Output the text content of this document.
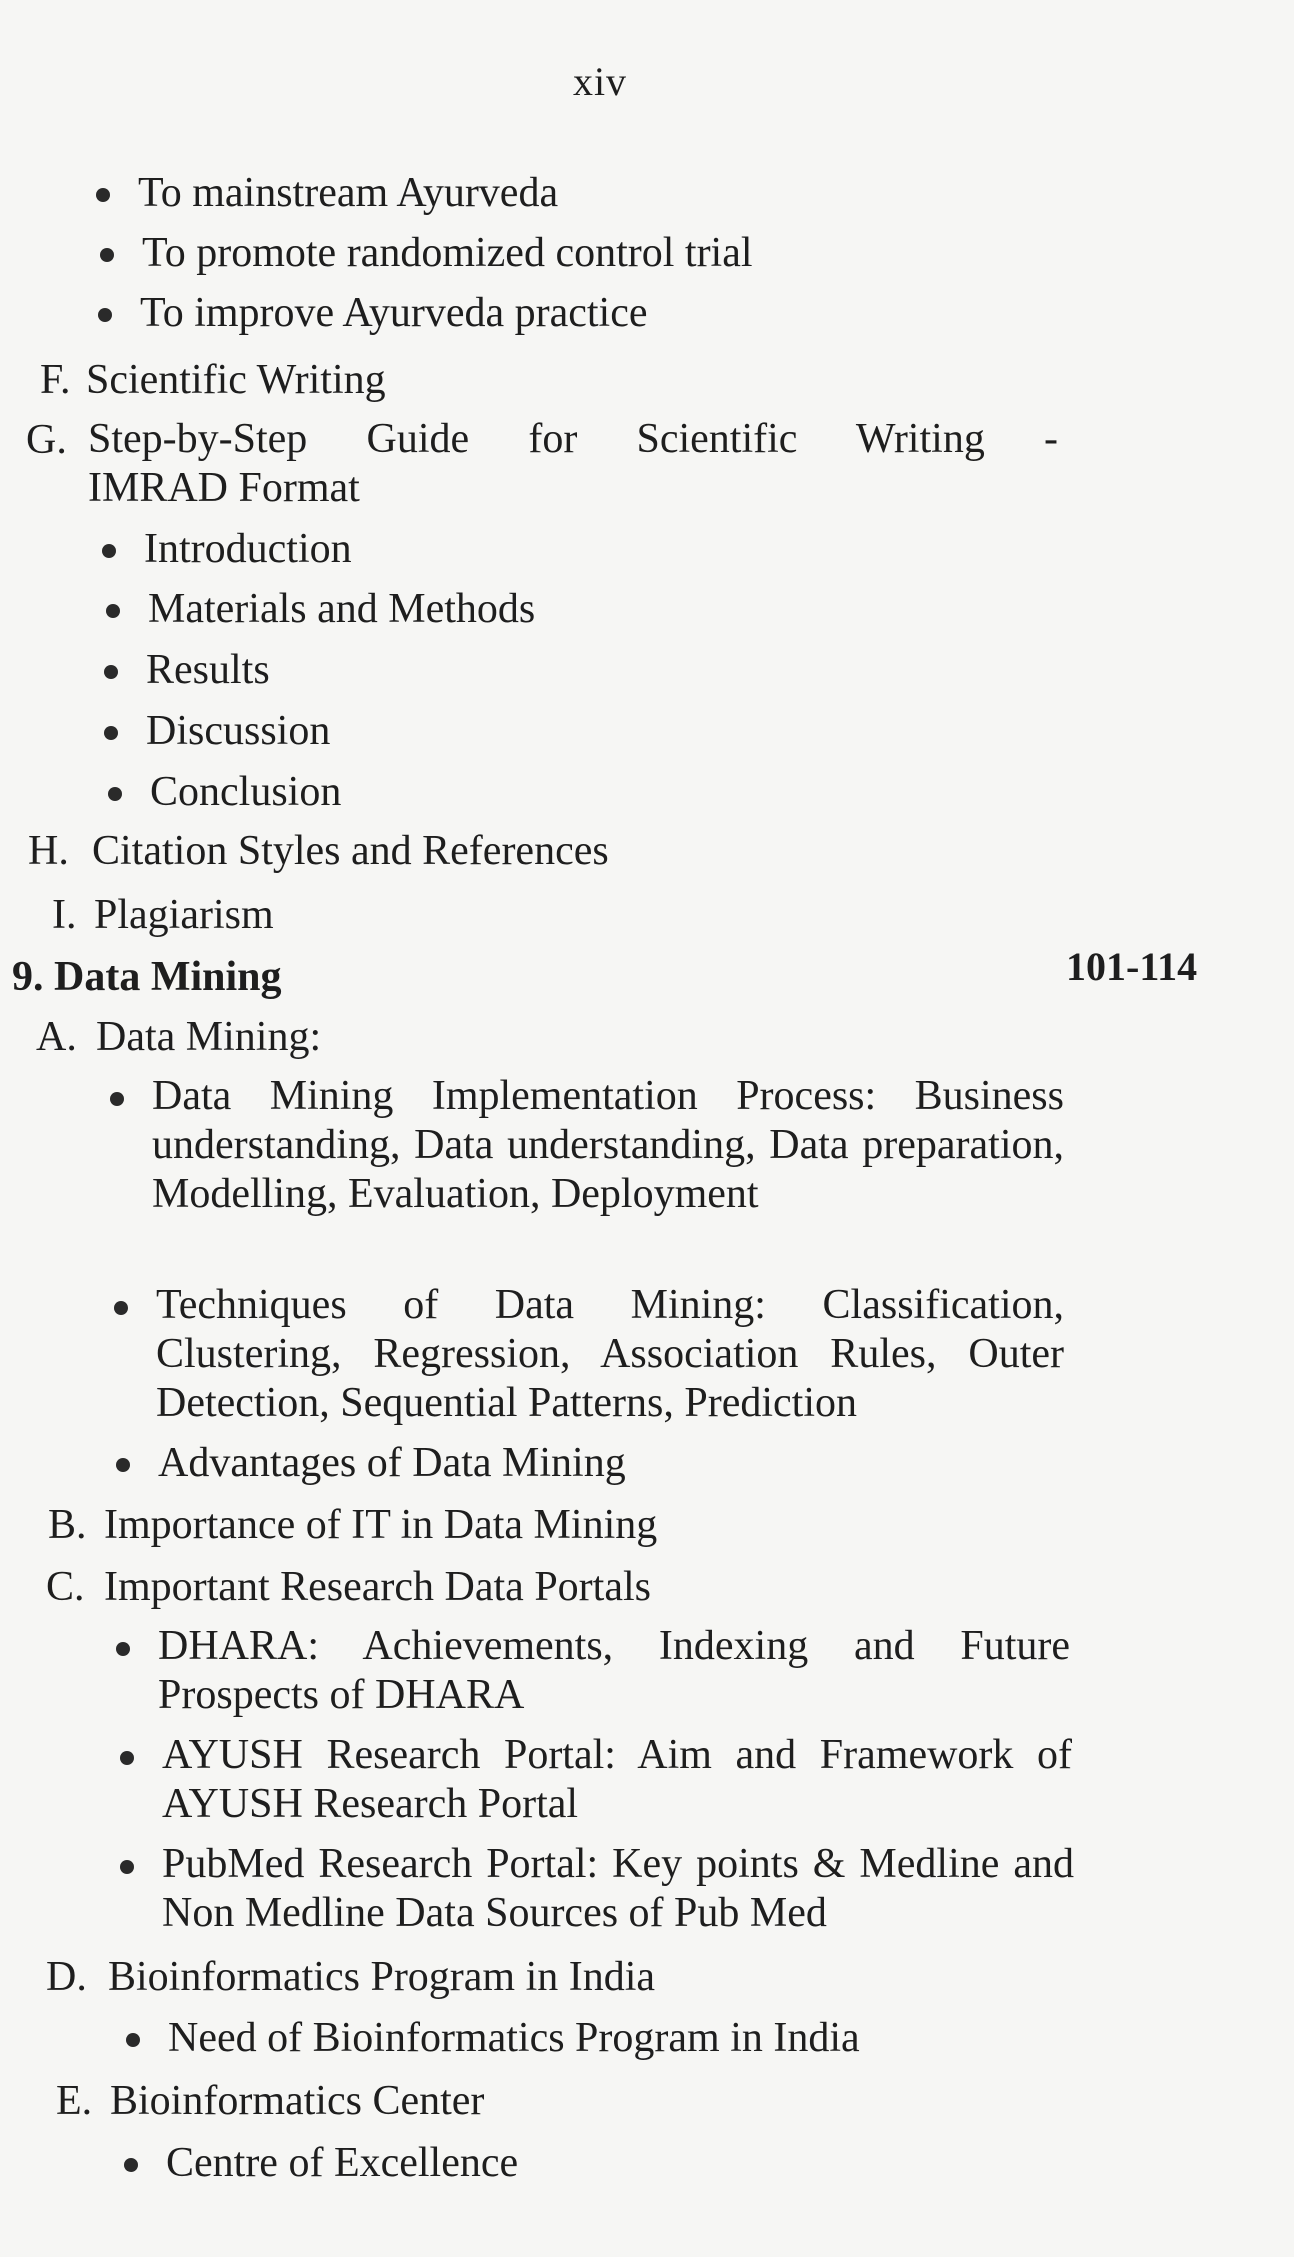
xiv
To mainstream Ayurveda
To promote randomized control trial
To improve Ayurveda practice
F. Scientific Writing
G. Step-by-Step Guide for Scientific Writing -
IMRAD Format
Introduction
Materials and Methods
Results
Discussion
Conclusion
H. Citation Styles and References
I. Plagiarism
9. Data Mining	101-114
A. Data Mining:
Data Mining Implementation Process: Business understanding, Data understanding, Data preparation, Modelling, Evaluation, Deployment
Techniques of Data Mining: Classification, Clustering, Regression, Association Rules, Outer Detection, Sequential Patterns, Prediction
Advantages of Data Mining
B. Importance of IT in Data Mining
C. Important Research Data Portals
DHARA: Achievements, Indexing and Future Prospects of DHARA
AYUSH Research Portal: Aim and Framework of AYUSH Research Portal
PubMed Research Portal: Key points & Medline and Non Medline Data Sources of Pub Med
D. Bioinformatics Program in India
Need of Bioinformatics Program in India
E. Bioinformatics Center
Centre of Excellence
